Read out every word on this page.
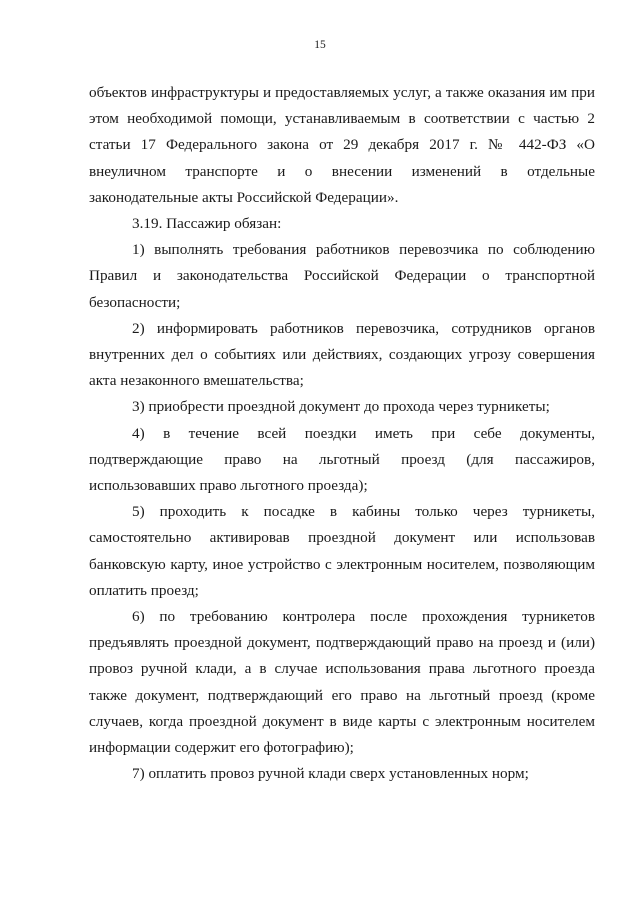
15

объектов инфраструктуры и предоставляемых услуг, а также оказания им при этом необходимой помощи, устанавливаемым в соответствии с частью 2 статьи 17 Федерального закона от 29 декабря 2017 г. № 442-ФЗ «О внеуличном транспорте и о внесении изменений в отдельные законодательные акты Российской Федерации».

3.19. Пассажир обязан:

1) выполнять требования работников перевозчика по соблюдению Правил и законодательства Российской Федерации о транспортной безопасности;

2) информировать работников перевозчика, сотрудников органов внутренних дел о событиях или действиях, создающих угрозу совершения акта незаконного вмешательства;

3) приобрести проездной документ до прохода через турникеты;

4) в течение всей поездки иметь при себе документы, подтверждающие право на льготный проезд (для пассажиров, использовавших право льготного проезда);

5) проходить к посадке в кабины только через турникеты, самостоятельно активировав проездной документ или использовав банковскую карту, иное устройство с электронным носителем, позволяющим оплатить проезд;

6) по требованию контролера после прохождения турникетов предъявлять проездной документ, подтверждающий право на проезд и (или) провоз ручной клади, а в случае использования права льготного проезда также документ, подтверждающий его право на льготный проезд (кроме случаев, когда проездной документ в виде карты с электронным носителем информации содержит его фотографию);

7) оплатить провоз ручной клади сверх установленных норм;
